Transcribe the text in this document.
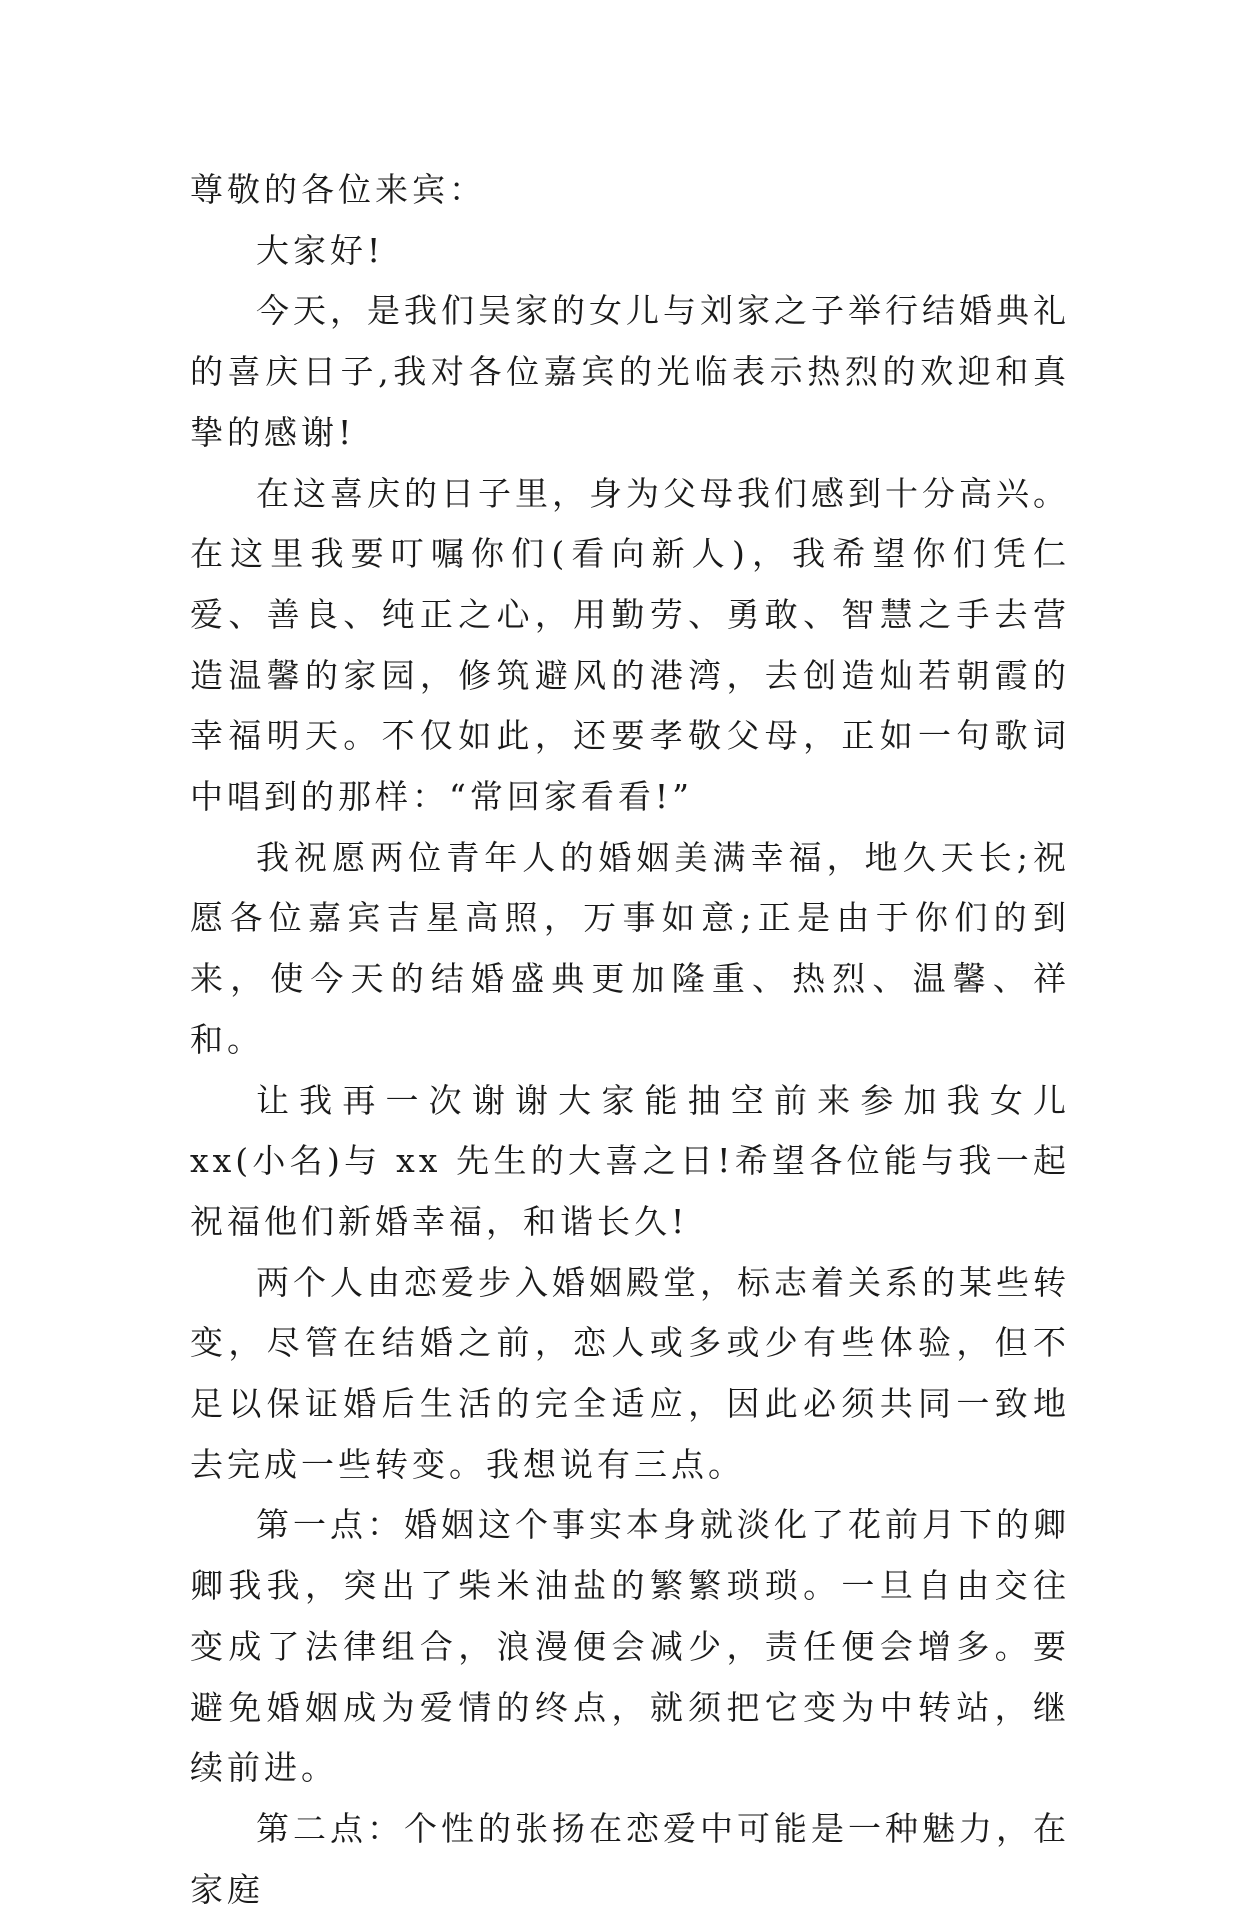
尊敬的各位来宾：

大家好!

今天，是我们吴家的女儿与刘家之子举行结婚典礼的喜庆日子,我对各位嘉宾的光临表示热烈的欢迎和真挚的感谢!

在这喜庆的日子里，身为父母我们感到十分高兴。在这里我要叮嘱你们(看向新人)，我希望你们凭仁爱、善良、纯正之心，用勤劳、勇敢、智慧之手去营造温馨的家园，修筑避风的港湾，去创造灿若朝霞的幸福明天。不仅如此，还要孝敬父母，正如一句歌词中唱到的那样：“常回家看看!”

我祝愿两位青年人的婚姻美满幸福，地久天长;祝愿各位嘉宾吉星高照，万事如意;正是由于你们的到来，使今天的结婚盛典更加隆重、热烈、温馨、祥和。

让我再一次谢谢大家能抽空前来参加我女儿 xx(小名)与 xx 先生的大喜之日!希望各位能与我一起祝福他们新婚幸福，和谐长久!

两个人由恋爱步入婚姻殿堂，标志着关系的某些转变，尽管在结婚之前，恋人或多或少有些体验，但不足以保证婚后生活的完全适应，因此必须共同一致地去完成一些转变。我想说有三点。

第一点：婚姻这个事实本身就淡化了花前月下的卿卿我我，突出了柴米油盐的繁繁琐琐。一旦自由交往变成了法律组合，浪漫便会减少，责任便会增多。要避免婚姻成为爱情的终点，就须把它变为中转站，继续前进。

第二点：个性的张扬在恋爱中可能是一种魅力，在家庭
